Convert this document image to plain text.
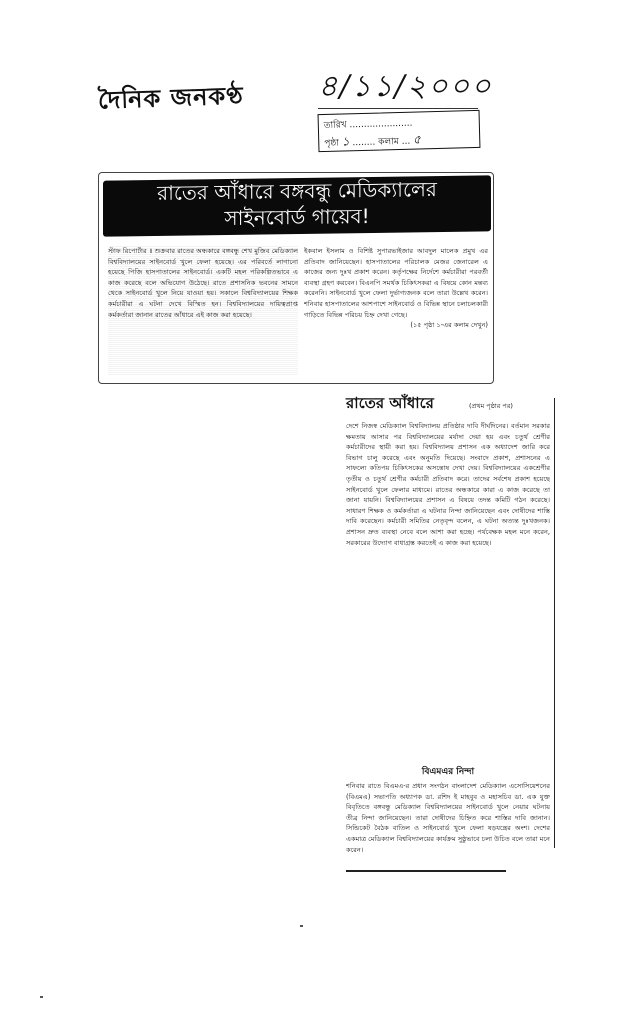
দৈনিক জনকণ্ঠ ৪/১১/২০০০
তারিখ ......................
পৃষ্ঠা ১ ........ কলাম ... ৫
রাতের আঁধারে বঙ্গবন্ধু মেডিক্যালের
সাইনবোর্ড গায়েব!
স্টাফ রিপোর্টার ॥ শুক্রবার রাতের অন্ধকারে বঙ্গবন্ধু শেখ মুজিব মেডিক্যাল বিশ্ববিদ্যালয়ের সাইনবোর্ড খুলে ফেলা হয়েছে। এর পরিবর্তে লাগানো হয়েছে পিজি হাসপাতালের সাইনবোর্ড। একটি মহল পরিকল্পিতভাবে এ কাজ করেছে বলে অভিযোগ উঠেছে। রাতে প্রশাসনিক ভবনের সামনে থেকে সাইনবোর্ড খুলে নিয়ে যাওয়া হয়। সকালে বিশ্ববিদ্যালয়ের শিক্ষক কর্মচারীরা এ ঘটনা দেখে বিস্মিত হন। বিশ্ববিদ্যালয়ের দায়িত্বপ্রাপ্ত কর্মকর্তারা জানান রাতের আঁধারে এই কাজ করা হয়েছে।
ইকবাল ইসলাম ও বিশিষ্ট সুপারভাইজার আবদুল মালেক প্রমুখ এর প্রতিবাদ জানিয়েছেন। হাসপাতালের পরিচালক মেজর জেনারেল এ কাজের জন্য দুঃখ প্রকাশ করেন। কর্তৃপক্ষের নির্দেশে কর্মচারীরা পরবর্তী ব্যবস্থা গ্রহণ করবেন। বিএনপি সমর্থক চিকিৎসকরা এ বিষয়ে কোন মন্তব্য করেননি। সাইনবোর্ড খুলে ফেলা দুর্ভাগ্যজনক বলে তারা উল্লেখ করেন। শনিবার হাসপাতালের আশপাশে সাইনবোর্ড ও বিভিন্ন স্থানে চলাচলকারী গাড়িতে বিভিন্ন পরিচয় চিহ্ন দেখা গেছে।
(১৫ পৃষ্ঠা ১-এর কলাম দেখুন)
রাতের আঁধারে	(প্রথম পৃষ্ঠার পর)
দেশে নিজস্ব মেডিক্যাল বিশ্ববিদ্যালয় প্রতিষ্ঠার দাবি দীর্ঘদিনের। বর্তমান সরকার ক্ষমতায় আসার পর বিশ্ববিদ্যালয়ের মর্যাদা দেয়া হয় এবং চতুর্থ শ্রেণীর কর্মচারীদের স্থায়ী করা হয়। বিশ্ববিদ্যালয় প্রশাসন এক অধ্যাদেশ জারি করে বিভাগ চালু করেছে এবং অনুমতি দিয়েছে। সংবাদে প্রকাশ, প্রশাসনের এ সাফল্যে কতিপয় চিকিৎসকের অসন্তোষ দেখা দেয়। বিশ্ববিদ্যালয়ের একশ্রেণীর তৃতীয় ও চতুর্থ শ্রেণীর কর্মচারী প্রতিবাদ করে। তাদের সর্বশেষ প্রকাশ হয়েছে সাইনবোর্ড খুলে ফেলার মাধ্যমে। রাতের অন্ধকারে কারা এ কাজ করেছে তা জানা যায়নি। বিশ্ববিদ্যালয়ের প্রশাসন এ বিষয়ে তদন্ত কমিটি গঠন করেছে। সাধারণ শিক্ষক ও কর্মকর্তারা এ ঘটনার নিন্দা জানিয়েছেন এবং দোষীদের শাস্তি দাবি করেছেন। কর্মচারী সমিতির নেতৃবৃন্দ বলেন, এ ঘটনা অত্যন্ত দুঃখজনক। প্রশাসন দ্রুত ব্যবস্থা নেবে বলে আশা করা হচ্ছে। পর্যবেক্ষক মহল মনে করেন, সরকারের উদ্যোগ বাধাগ্রস্ত করতেই এ কাজ করা হয়েছে।
বিএমএর নিন্দা
শনিবার রাতে বিএমএ-র প্রধান সংগঠন বাংলাদেশ মেডিক্যাল এসোসিয়েশনের (বিএমএ) সভাপতি অধ্যাপক ডা. রশিদ ই মাহবুব ও মহাসচিব ডা. এক যুক্ত বিবৃতিতে বঙ্গবন্ধু মেডিক্যাল বিশ্ববিদ্যালয়ের সাইনবোর্ড খুলে নেয়ার ঘটনায় তীব্র নিন্দা জানিয়েছেন। তারা দোষীদের চিহ্নিত করে শাস্তির দাবি জানান। সিন্ডিকেট বৈঠক বাতিল ও সাইনবোর্ড খুলে ফেলা ষড়যন্ত্রের অংশ। দেশের একমাত্র মেডিক্যাল বিশ্ববিদ্যালয়ের কার্যক্রম সুষ্ঠুভাবে চলা উচিত বলে তারা মনে করেন।
